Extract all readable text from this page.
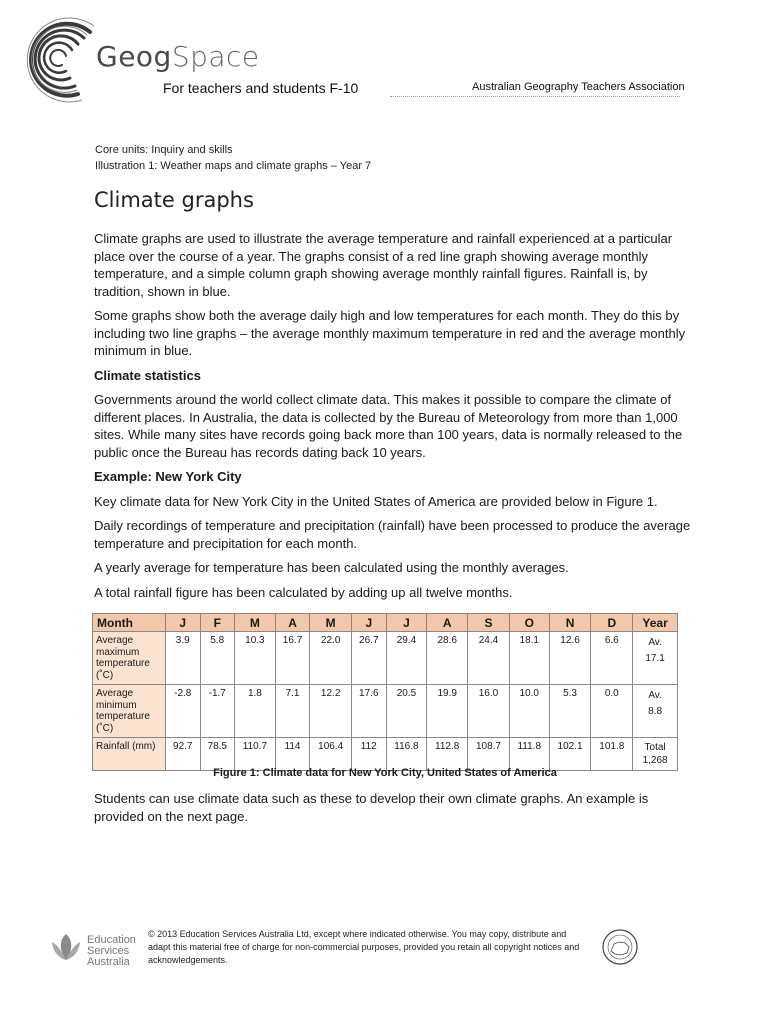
GeogSpace
For teachers and students F-10	Australian Geography Teachers Association
Core units: Inquiry and skills
Illustration 1: Weather maps and climate graphs – Year 7
Climate graphs

Climate graphs are used to illustrate the average temperature and rainfall experienced at a particular place over the course of a year. The graphs consist of a red line graph showing average monthly temperature, and a simple column graph showing average monthly rainfall figures. Rainfall is, by tradition, shown in blue.

Some graphs show both the average daily high and low temperatures for each month. They do this by including two line graphs – the average monthly maximum temperature in red and the average monthly minimum in blue.

Climate statistics

Governments around the world collect climate data. This makes it possible to compare the climate of different places. In Australia, the data is collected by the Bureau of Meteorology from more than 1,000 sites. While many sites have records going back more than 100 years, data is normally released to the public once the Bureau has records dating back 10 years.

Example: New York City

Key climate data for New York City in the United States of America are provided below in Figure 1.

Daily recordings of temperature and precipitation (rainfall) have been processed to produce the average temperature and precipitation for each month.

A yearly average for temperature has been calculated using the monthly averages.

A total rainfall figure has been calculated by adding up all twelve months.

Month	J	F	M	A	M	J	J	A	S	O	N	D	Year
Average maximum temperature (˚C)	3.9	5.8	10.3	16.7	22.0	26.7	29.4	28.6	24.4	18.1	12.6	6.6	Av.
17.1

Average minimum temperature (˚C)	-2.8	-1.7	1.8	7.1	12.2	17.6	20.5	19.9	16.0	10.0	5.3	0.0	Av.
8.8

Rainfall (mm)	92.7	78.5	110.7	114	106.4	112	116.8	112.8	108.7	111.8	102.1	101.8	Total
1,268
Figure 1: Climate data for New York City, United States of America
Students can use climate data such as these to develop their own climate graphs. An example is provided on the next page.
Education
Services
Australia
© 2013 Education Services Australia Ltd, except where indicated otherwise. You may copy, distribute and adapt this material free of charge for non-commercial purposes, provided you retain all copyright notices and acknowledgements.
